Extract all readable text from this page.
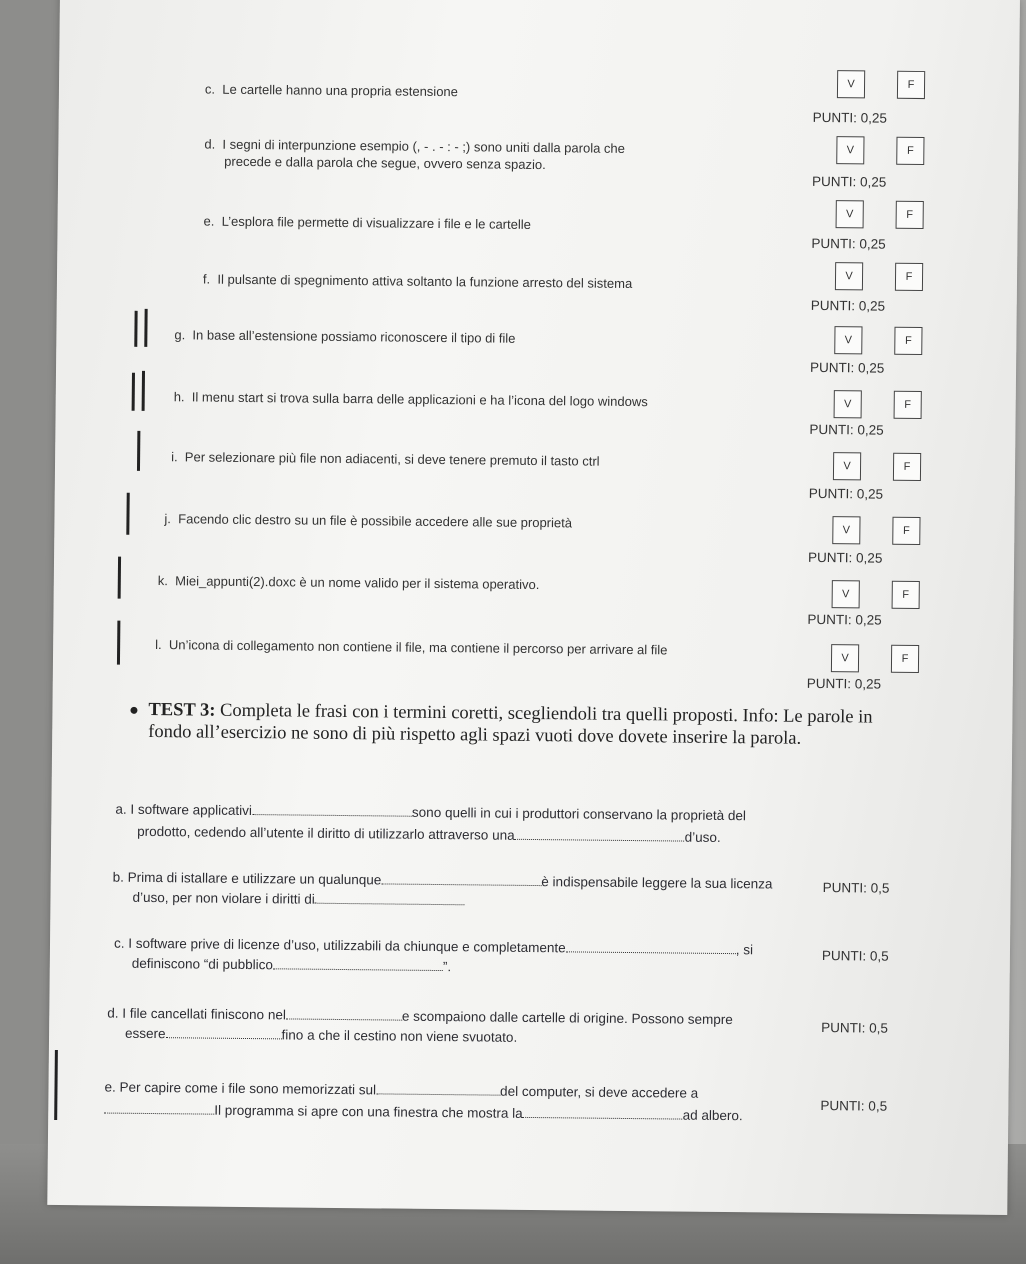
c. Le cartelle hanno una propria estensione	V	F
PUNTI: 0,25
d. I segni di interpunzione esempio (, - . - : - ;) sono uniti dalla parola che
precede e dalla parola che segue, ovvero senza spazio.
V	F
PUNTI: 0,25
e. L’esplora file permette di visualizzare i file e le cartelle	V	F
PUNTI: 0,25
f. Il pulsante di spegnimento attiva soltanto la funzione arresto del sistema	V	F
PUNTI: 0,25
g. In base all’estensione possiamo riconoscere il tipo di file	V	F
PUNTI: 0,25
h. Il menu start si trova sulla barra delle applicazioni e ha l’icona del logo windows	V	F
PUNTI: 0,25
i. Per selezionare più file non adiacenti, si deve tenere premuto il tasto ctrl	V	F
PUNTI: 0,25
j. Facendo clic destro su un file è possibile accedere alle sue proprietà	V	F
PUNTI: 0,25
k. Miei_appunti(2).doxc è un nome valido per il sistema operativo.
V	F
PUNTI: 0,25
l. Un’icona di collegamento non contiene il file, ma contiene il percorso per arrivare al file
V	F
PUNTI: 0,25
TEST 3: Completa le frasi con i termini coretti, scegliendoli tra quelli proposti. Info: Le parole in fondo all’esercizio ne sono di più rispetto agli spazi vuoti dove dovete inserire la parola.
a. I software applicativi	sono quelli in cui i produttori conservano la proprietà del
prodotto, cedendo all’utente il diritto di utilizzarlo attraverso una	d’uso.
b. Prima di istallare e utilizzare un qualunque	è indispensabile leggere la sua licenza
d’uso, per non violare i diritti di
PUNTI: 0,5
c. I software prive di licenze d’uso, utilizzabili da chiunque e completamente	, si
definiscono “di pubblico	”.
PUNTI: 0,5
d. I file cancellati finiscono nel	e scompaiono dalle cartelle di origine. Possono sempre
essere	fino a che il cestino non viene svuotato.	PUNTI: 0,5
e. Per capire come i file sono memorizzati sul	del computer, si deve accedere a
Il programma si apre con una finestra che mostra la	ad albero.
PUNTI: 0,5
